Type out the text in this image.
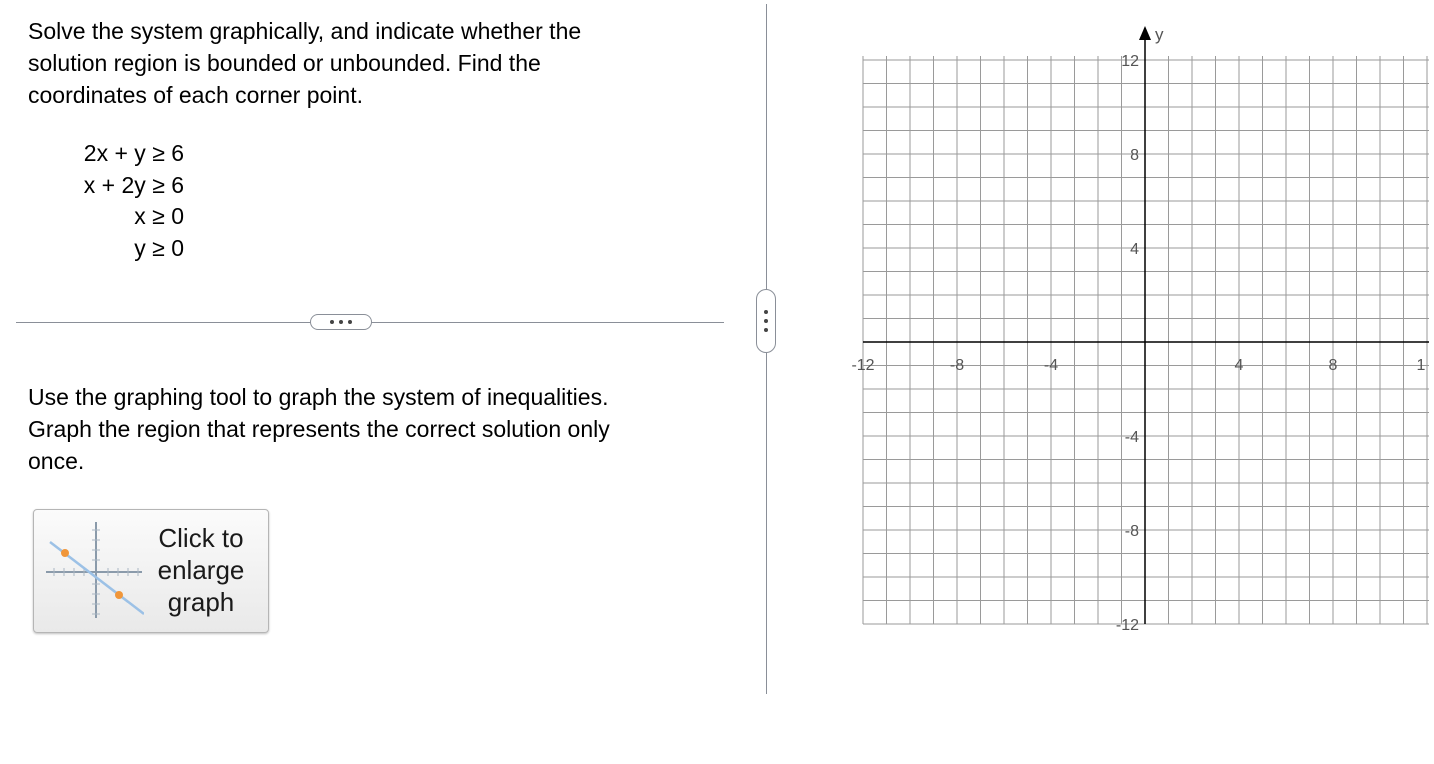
Solve the system graphically, and indicate whether the
solution region is bounded or unbounded. Find the
coordinates of each corner point.
2x + y ≥ 6
x + 2y ≥ 6
x ≥ 0
y ≥ 0
Use the graphing tool to graph the system of inequalities.
Graph the region that represents the correct solution only
once.
Click to
enlarge
graph
y
-12	-8	-4	4	8	1
12
8
4
-4
-8
-12
